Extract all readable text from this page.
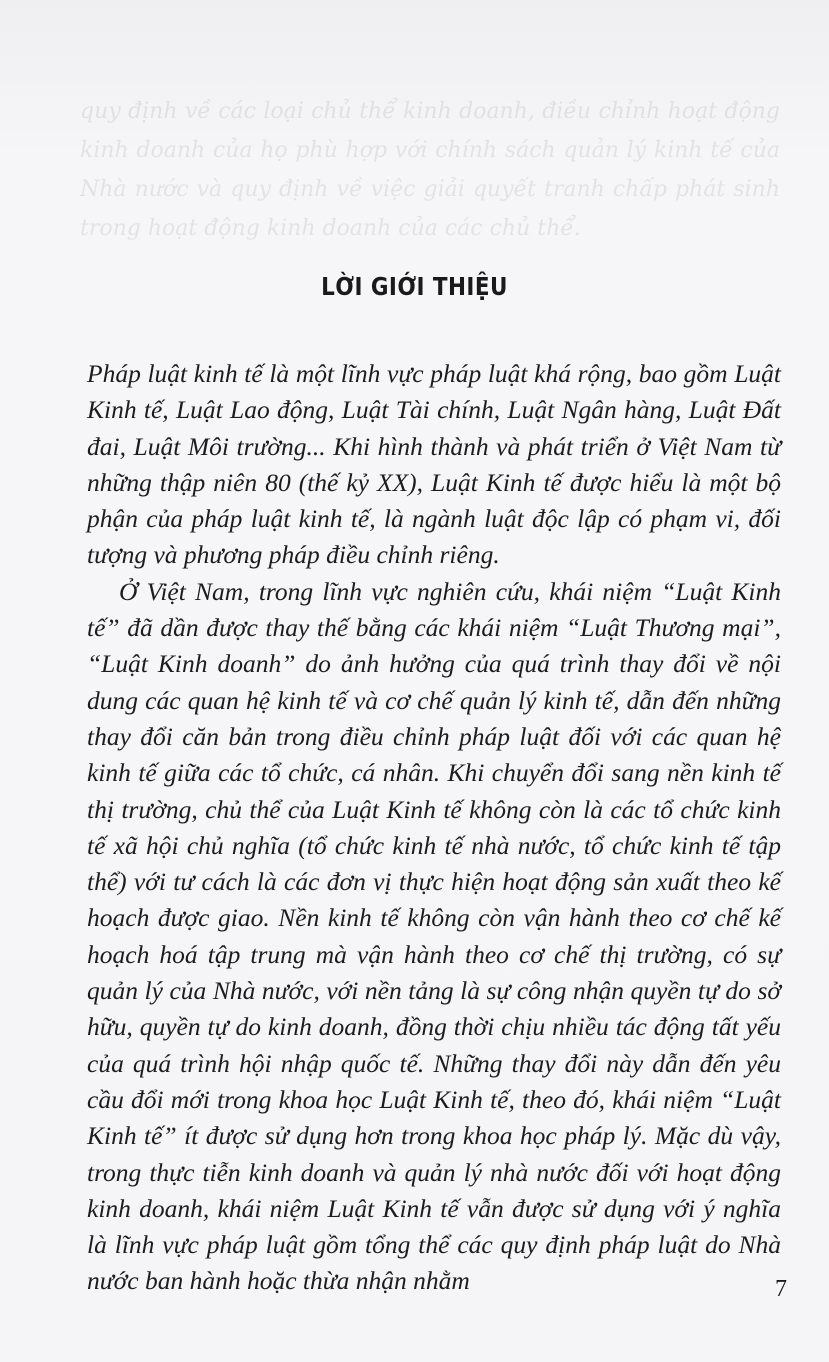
quy định về các loại chủ thể kinh doanh, điều chỉnh hoạt động kinh doanh của họ phù hợp với chính sách quản lý kinh tế của Nhà nước và quy định về việc giải quyết tranh chấp phát sinh trong hoạt động kinh doanh của các chủ thể.
LỜI GIỚI THIỆU

Pháp luật kinh tế là một lĩnh vực pháp luật khá rộng, bao gồm Luật Kinh tế, Luật Lao động, Luật Tài chính, Luật Ngân hàng, Luật Đất đai, Luật Môi trường... Khi hình thành và phát triển ở Việt Nam từ những thập niên 80 (thế kỷ XX), Luật Kinh tế được hiểu là một bộ phận của pháp luật kinh tế, là ngành luật độc lập có phạm vi, đối tượng và phương pháp điều chỉnh riêng.

Ở Việt Nam, trong lĩnh vực nghiên cứu, khái niệm “Luật Kinh tế” đã dần được thay thế bằng các khái niệm “Luật Thương mại”, “Luật Kinh doanh” do ảnh hưởng của quá trình thay đổi về nội dung các quan hệ kinh tế và cơ chế quản lý kinh tế, dẫn đến những thay đổi căn bản trong điều chỉnh pháp luật đối với các quan hệ kinh tế giữa các tổ chức, cá nhân. Khi chuyển đổi sang nền kinh tế thị trường, chủ thể của Luật Kinh tế không còn là các tổ chức kinh tế xã hội chủ nghĩa (tổ chức kinh tế nhà nước, tổ chức kinh tế tập thể) với tư cách là các đơn vị thực hiện hoạt động sản xuất theo kế hoạch được giao. Nền kinh tế không còn vận hành theo cơ chế kế hoạch hoá tập trung mà vận hành theo cơ chế thị trường, có sự quản lý của Nhà nước, với nền tảng là sự công nhận quyền tự do sở hữu, quyền tự do kinh doanh, đồng thời chịu nhiều tác động tất yếu của quá trình hội nhập quốc tế. Những thay đổi này dẫn đến yêu cầu đổi mới trong khoa học Luật Kinh tế, theo đó, khái niệm “Luật Kinh tế” ít được sử dụng hơn trong khoa học pháp lý. Mặc dù vậy, trong thực tiễn kinh doanh và quản lý nhà nước đối với hoạt động kinh doanh, khái niệm Luật Kinh tế vẫn được sử dụng với ý nghĩa là lĩnh vực pháp luật gồm tổng thể các quy định pháp luật do Nhà nước ban hành hoặc thừa nhận nhằm	7
